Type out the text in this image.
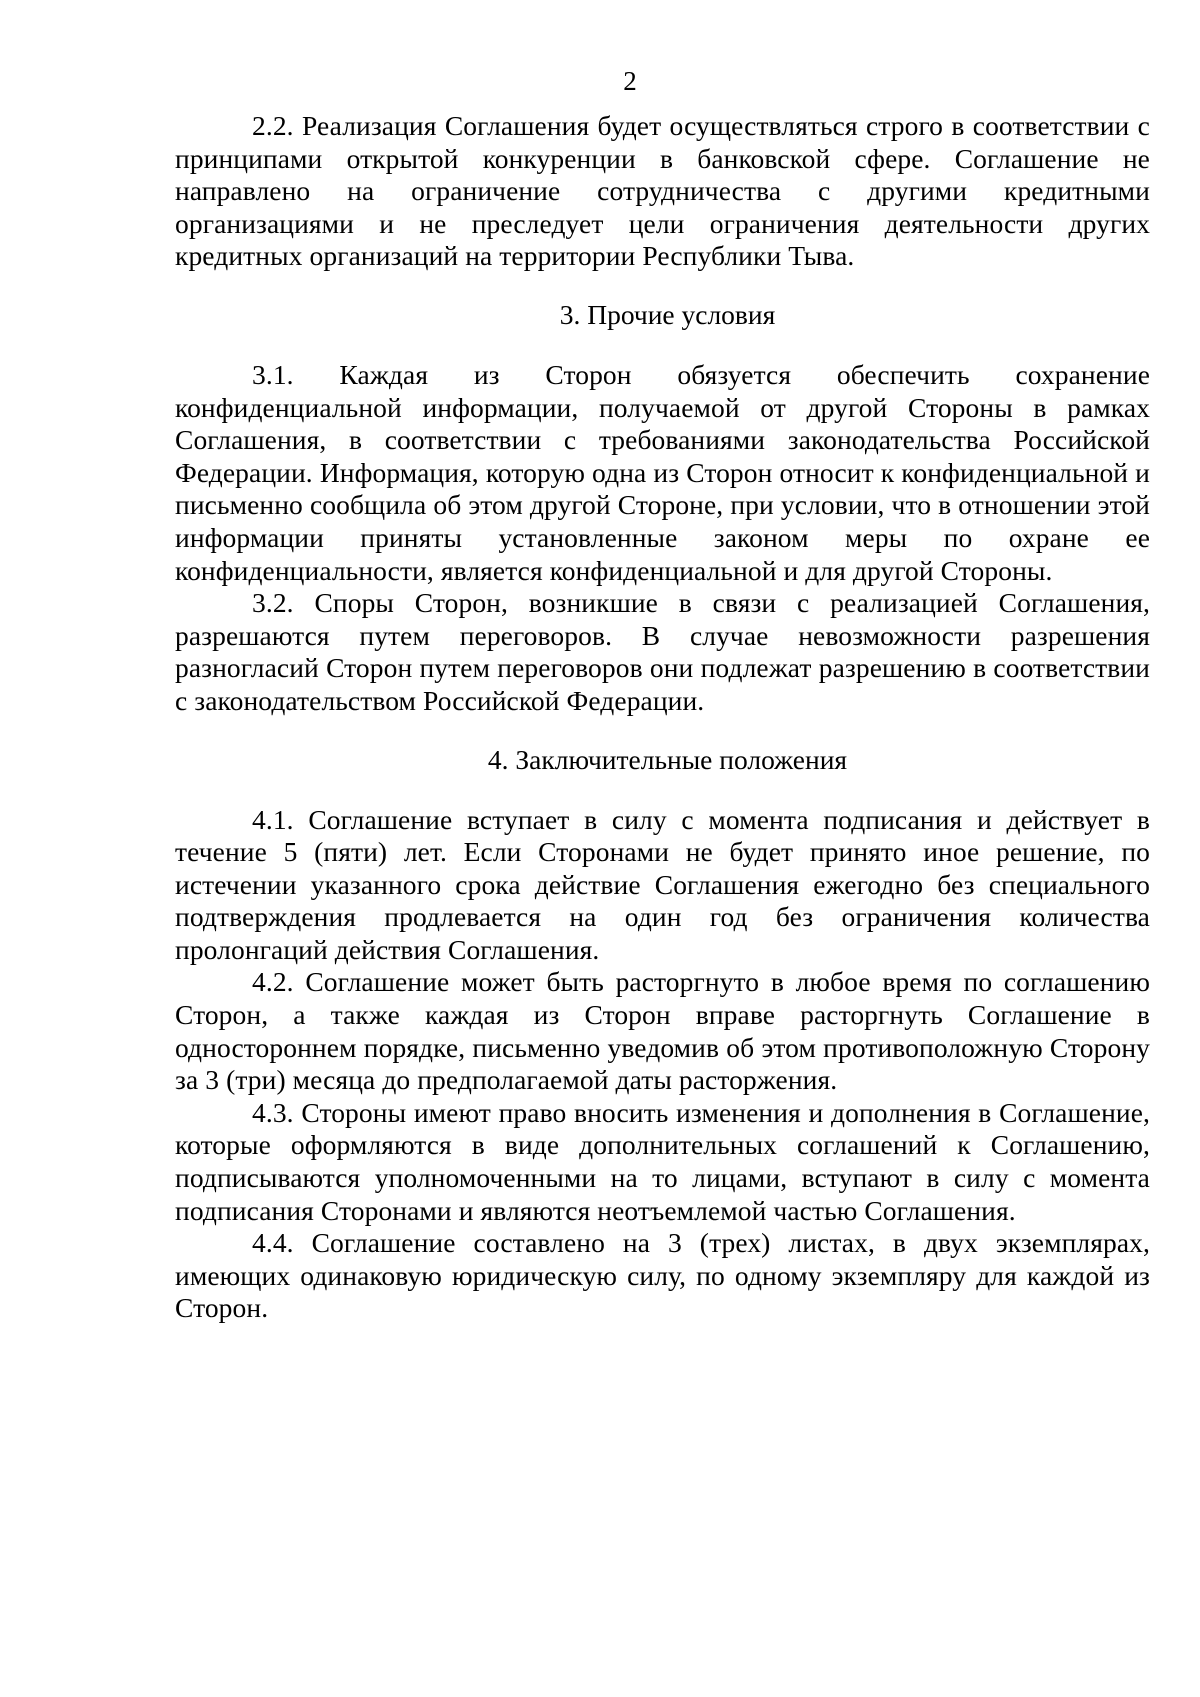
2

2.2. Реализация Соглашения будет осуществляться строго в соответствии с принципами открытой конкуренции в банковской сфере. Соглашение не направлено на ограничение сотрудничества с другими кредитными организациями и не преследует цели ограничения деятельности других кредитных организаций на территории Республики Тыва.

3. Прочие условия

3.1. Каждая из Сторон обязуется обеспечить сохранение конфиденциальной информации, получаемой от другой Стороны в рамках Соглашения, в соответствии с требованиями законодательства Российской Федерации. Информация, которую одна из Сторон относит к конфиденциальной и письменно сообщила об этом другой Стороне, при условии, что в отношении этой информации приняты установленные законом меры по охране ее конфиденциальности, является конфиденциальной и для другой Стороны.

3.2. Споры Сторон, возникшие в связи с реализацией Соглашения, разрешаются путем переговоров. В случае невозможности разрешения разногласий Сторон путем переговоров они подлежат разрешению в соответствии с законодательством Российской Федерации.

4. Заключительные положения

4.1. Соглашение вступает в силу с момента подписания и действует в течение 5 (пяти) лет. Если Сторонами не будет принято иное решение, по истечении указанного срока действие Соглашения ежегодно без специального подтверждения продлевается на один год без ограничения количества пролонгаций действия Соглашения.

4.2. Соглашение может быть расторгнуто в любое время по соглашению Сторон, а также каждая из Сторон вправе расторгнуть Соглашение в одностороннем порядке, письменно уведомив об этом противоположную Сторону за 3 (три) месяца до предполагаемой даты расторжения.

4.3. Стороны имеют право вносить изменения и дополнения в Соглашение, которые оформляются в виде дополнительных соглашений к Соглашению, подписываются уполномоченными на то лицами, вступают в силу с момента подписания Сторонами и являются неотъемлемой частью Соглашения.

4.4. Соглашение составлено на 3 (трех) листах, в двух экземплярах, имеющих одинаковую юридическую силу, по одному экземпляру для каждой из Сторон.
